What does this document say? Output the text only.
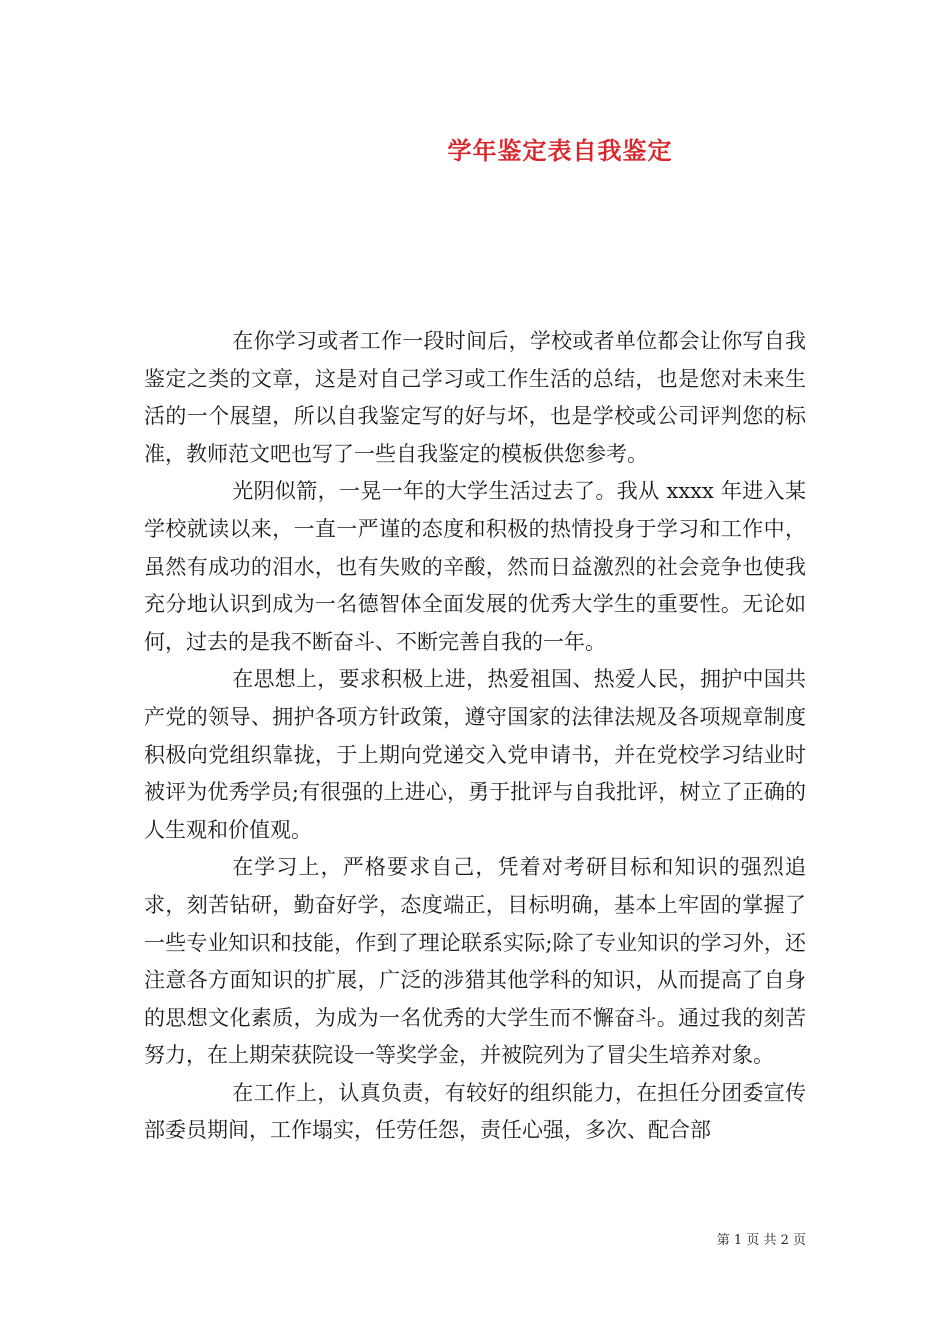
学年鉴定表自我鉴定

在你学习或者工作一段时间后，学校或者单位都会让你写自我鉴定之类的文章，这是对自己学习或工作生活的总结，也是您对未来生活的一个展望，所以自我鉴定写的好与坏，也是学校或公司评判您的标准，教师范文吧也写了一些自我鉴定的模板供您参考。

光阴似箭，一晃一年的大学生活过去了。我从 xxxx 年进入某学校就读以来，一直一严谨的态度和积极的热情投身于学习和工作中，虽然有成功的泪水，也有失败的辛酸，然而日益激烈的社会竞争也使我充分地认识到成为一名德智体全面发展的优秀大学生的重要性。无论如何，过去的是我不断奋斗、不断完善自我的一年。

在思想上，要求积极上进，热爱祖国、热爱人民，拥护中国共产党的领导、拥护各项方针政策，遵守国家的法律法规及各项规章制度积极向党组织靠拢，于上期向党递交入党申请书，并在党校学习结业时被评为优秀学员;有很强的上进心，勇于批评与自我批评，树立了正确的人生观和价值观。

在学习上，严格要求自己，凭着对考研目标和知识的强烈追求，刻苦钻研，勤奋好学，态度端正，目标明确，基本上牢固的掌握了一些专业知识和技能，作到了理论联系实际;除了专业知识的学习外，还注意各方面知识的扩展，广泛的涉猎其他学科的知识，从而提高了自身的思想文化素质，为成为一名优秀的大学生而不懈奋斗。通过我的刻苦努力，在上期荣获院设一等奖学金，并被院列为了冒尖生培养对象。

在工作上，认真负责，有较好的组织能力，在担任分团委宣传部委员期间，工作塌实，任劳任怨，责任心强，多次、配合部

第 1 页 共 2 页
